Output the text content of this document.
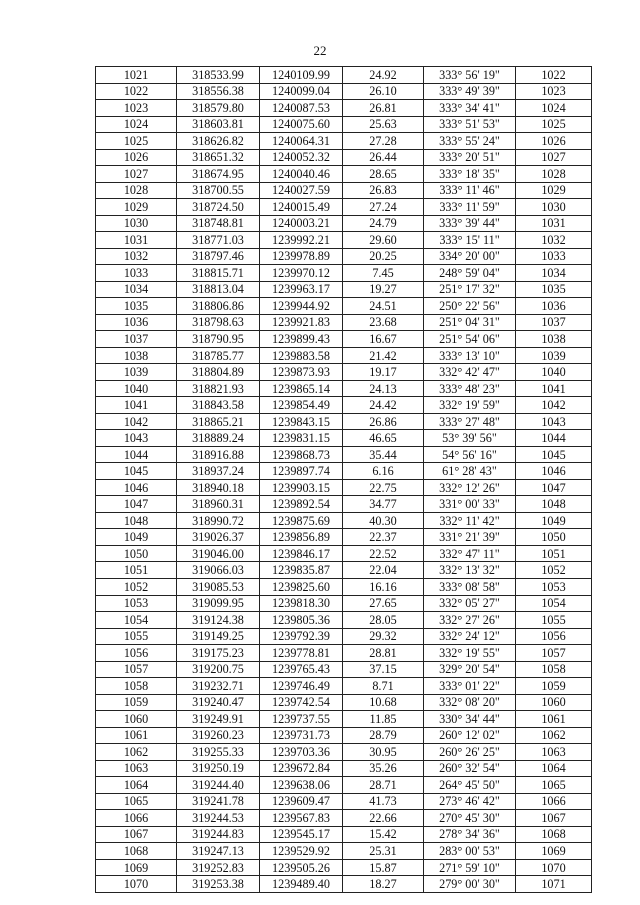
22
1021	318533.99	1240109.99	24.92	333° 56' 19"	1022
1022	318556.38	1240099.04	26.10	333° 49' 39"	1023
1023	318579.80	1240087.53	26.81	333° 34' 41"	1024
1024	318603.81	1240075.60	25.63	333° 51' 53"	1025
1025	318626.82	1240064.31	27.28	333° 55' 24"	1026
1026	318651.32	1240052.32	26.44	333° 20' 51"	1027
1027	318674.95	1240040.46	28.65	333° 18' 35"	1028
1028	318700.55	1240027.59	26.83	333° 11' 46"	1029
1029	318724.50	1240015.49	27.24	333° 11' 59"	1030
1030	318748.81	1240003.21	24.79	333° 39' 44"	1031
1031	318771.03	1239992.21	29.60	333° 15' 11"	1032
1032	318797.46	1239978.89	20.25	334° 20' 00"	1033
1033	318815.71	1239970.12	7.45	248° 59' 04"	1034
1034	318813.04	1239963.17	19.27	251° 17' 32"	1035
1035	318806.86	1239944.92	24.51	250° 22' 56"	1036
1036	318798.63	1239921.83	23.68	251° 04' 31"	1037
1037	318790.95	1239899.43	16.67	251° 54' 06"	1038
1038	318785.77	1239883.58	21.42	333° 13' 10"	1039
1039	318804.89	1239873.93	19.17	332° 42' 47"	1040
1040	318821.93	1239865.14	24.13	333° 48' 23"	1041
1041	318843.58	1239854.49	24.42	332° 19' 59"	1042
1042	318865.21	1239843.15	26.86	333° 27' 48"	1043
1043	318889.24	1239831.15	46.65	53° 39' 56"	1044
1044	318916.88	1239868.73	35.44	54° 56' 16"	1045
1045	318937.24	1239897.74	6.16	61° 28' 43"	1046
1046	318940.18	1239903.15	22.75	332° 12' 26"	1047
1047	318960.31	1239892.54	34.77	331° 00' 33"	1048
1048	318990.72	1239875.69	40.30	332° 11' 42"	1049
1049	319026.37	1239856.89	22.37	331° 21' 39"	1050
1050	319046.00	1239846.17	22.52	332° 47' 11"	1051
1051	319066.03	1239835.87	22.04	332° 13' 32"	1052
1052	319085.53	1239825.60	16.16	333° 08' 58"	1053
1053	319099.95	1239818.30	27.65	332° 05' 27"	1054
1054	319124.38	1239805.36	28.05	332° 27' 26"	1055
1055	319149.25	1239792.39	29.32	332° 24' 12"	1056
1056	319175.23	1239778.81	28.81	332° 19' 55"	1057
1057	319200.75	1239765.43	37.15	329° 20' 54"	1058
1058	319232.71	1239746.49	8.71	333° 01' 22"	1059
1059	319240.47	1239742.54	10.68	332° 08' 20"	1060
1060	319249.91	1239737.55	11.85	330° 34' 44"	1061
1061	319260.23	1239731.73	28.79	260° 12' 02"	1062
1062	319255.33	1239703.36	30.95	260° 26' 25"	1063
1063	319250.19	1239672.84	35.26	260° 32' 54"	1064
1064	319244.40	1239638.06	28.71	264° 45' 50"	1065
1065	319241.78	1239609.47	41.73	273° 46' 42"	1066
1066	319244.53	1239567.83	22.66	270° 45' 30"	1067
1067	319244.83	1239545.17	15.42	278° 34' 36"	1068
1068	319247.13	1239529.92	25.31	283° 00' 53"	1069
1069	319252.83	1239505.26	15.87	271° 59' 10"	1070
1070	319253.38	1239489.40	18.27	279° 00' 30"	1071
